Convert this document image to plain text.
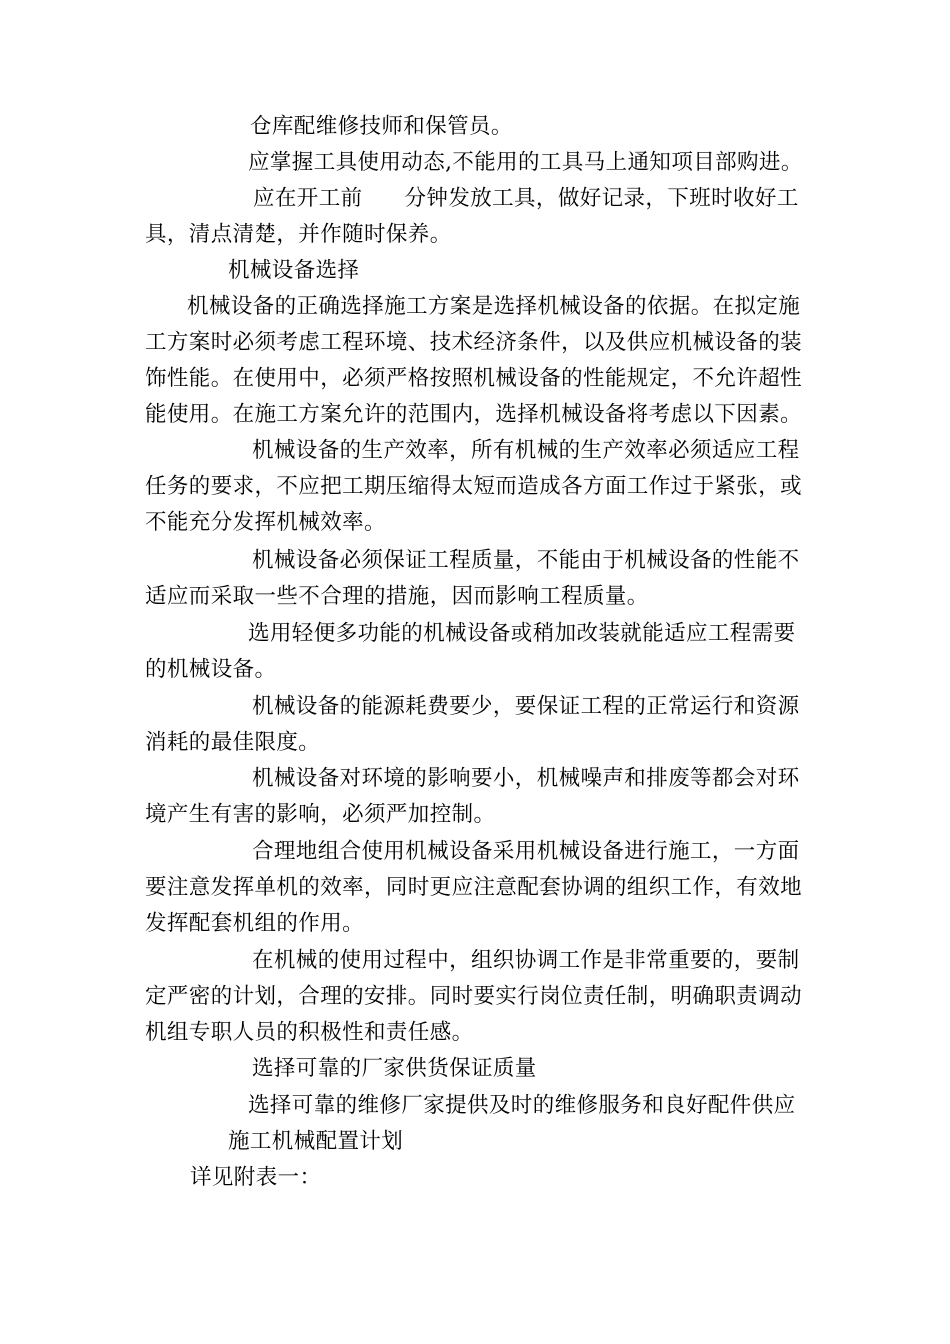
仓库配维修技师和保管员。
应掌握工具使用动态,不能用的工具马上通知项目部购进。
应在开工前 分钟发放工具，做好记录，下班时收好工
具，清点清楚，并作随时保养。
机械设备选择
机械设备的正确选择施工方案是选择机械设备的依据。在拟定施
工方案时必须考虑工程环境、技术经济条件，以及供应机械设备的装
饰性能。在使用中，必须严格按照机械设备的性能规定，不允许超性
能使用。在施工方案允许的范围内，选择机械设备将考虑以下因素。
机械设备的生产效率，所有机械的生产效率必须适应工程
任务的要求，不应把工期压缩得太短而造成各方面工作过于紧张，或
不能充分发挥机械效率。
机械设备必须保证工程质量，不能由于机械设备的性能不
适应而采取一些不合理的措施，因而影响工程质量。
选用轻便多功能的机械设备或稍加改装就能适应工程需要
的机械设备。
机械设备的能源耗费要少，要保证工程的正常运行和资源
消耗的最佳限度。
机械设备对环境的影响要小，机械噪声和排废等都会对环
境产生有害的影响，必须严加控制。
合理地组合使用机械设备采用机械设备进行施工，一方面
要注意发挥单机的效率，同时更应注意配套协调的组织工作，有效地
发挥配套机组的作用。
在机械的使用过程中，组织协调工作是非常重要的，要制
定严密的计划，合理的安排。同时要实行岗位责任制，明确职责调动
机组专职人员的积极性和责任感。
选择可靠的厂家供货保证质量
选择可靠的维修厂家提供及时的维修服务和良好配件供应
施工机械配置计划
详见附表一：
